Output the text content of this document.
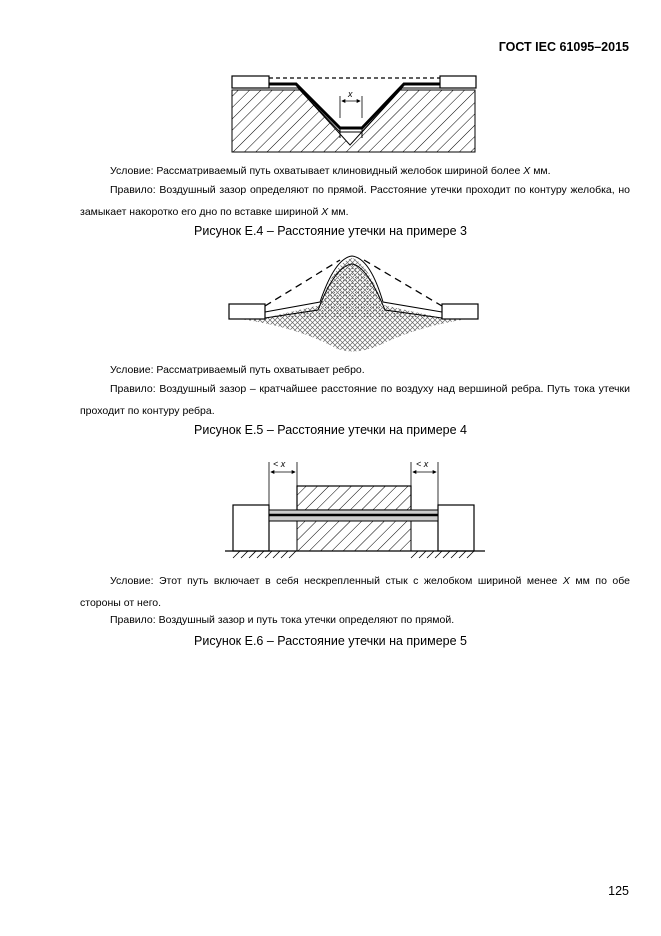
ГОСТ IEC 61095–2015
x
< x	< x

Условие: Рассматриваемый путь охватывает клиновидный желобок шириной более X мм.

Правило: Воздушный зазор определяют по прямой. Расстояние утечки проходит по контуру желобка, но замыкает накоротко его дно по вставке шириной X мм.

Рисунок Е.4 – Расстояние утечки на примере 3

Условие: Рассматриваемый путь охватывает ребро.

Правило: Воздушный зазор – кратчайшее расстояние по воздуху над вершиной ребра. Путь тока утечки проходит по контуру ребра.

Рисунок Е.5 – Расстояние утечки на примере 4

Условие: Этот путь включает в себя нескрепленный стык с желобком шириной менее X мм по обе стороны от него.

Правило: Воздушный зазор и путь тока утечки определяют по прямой.

Рисунок Е.6 – Расстояние утечки на примере 5

125
